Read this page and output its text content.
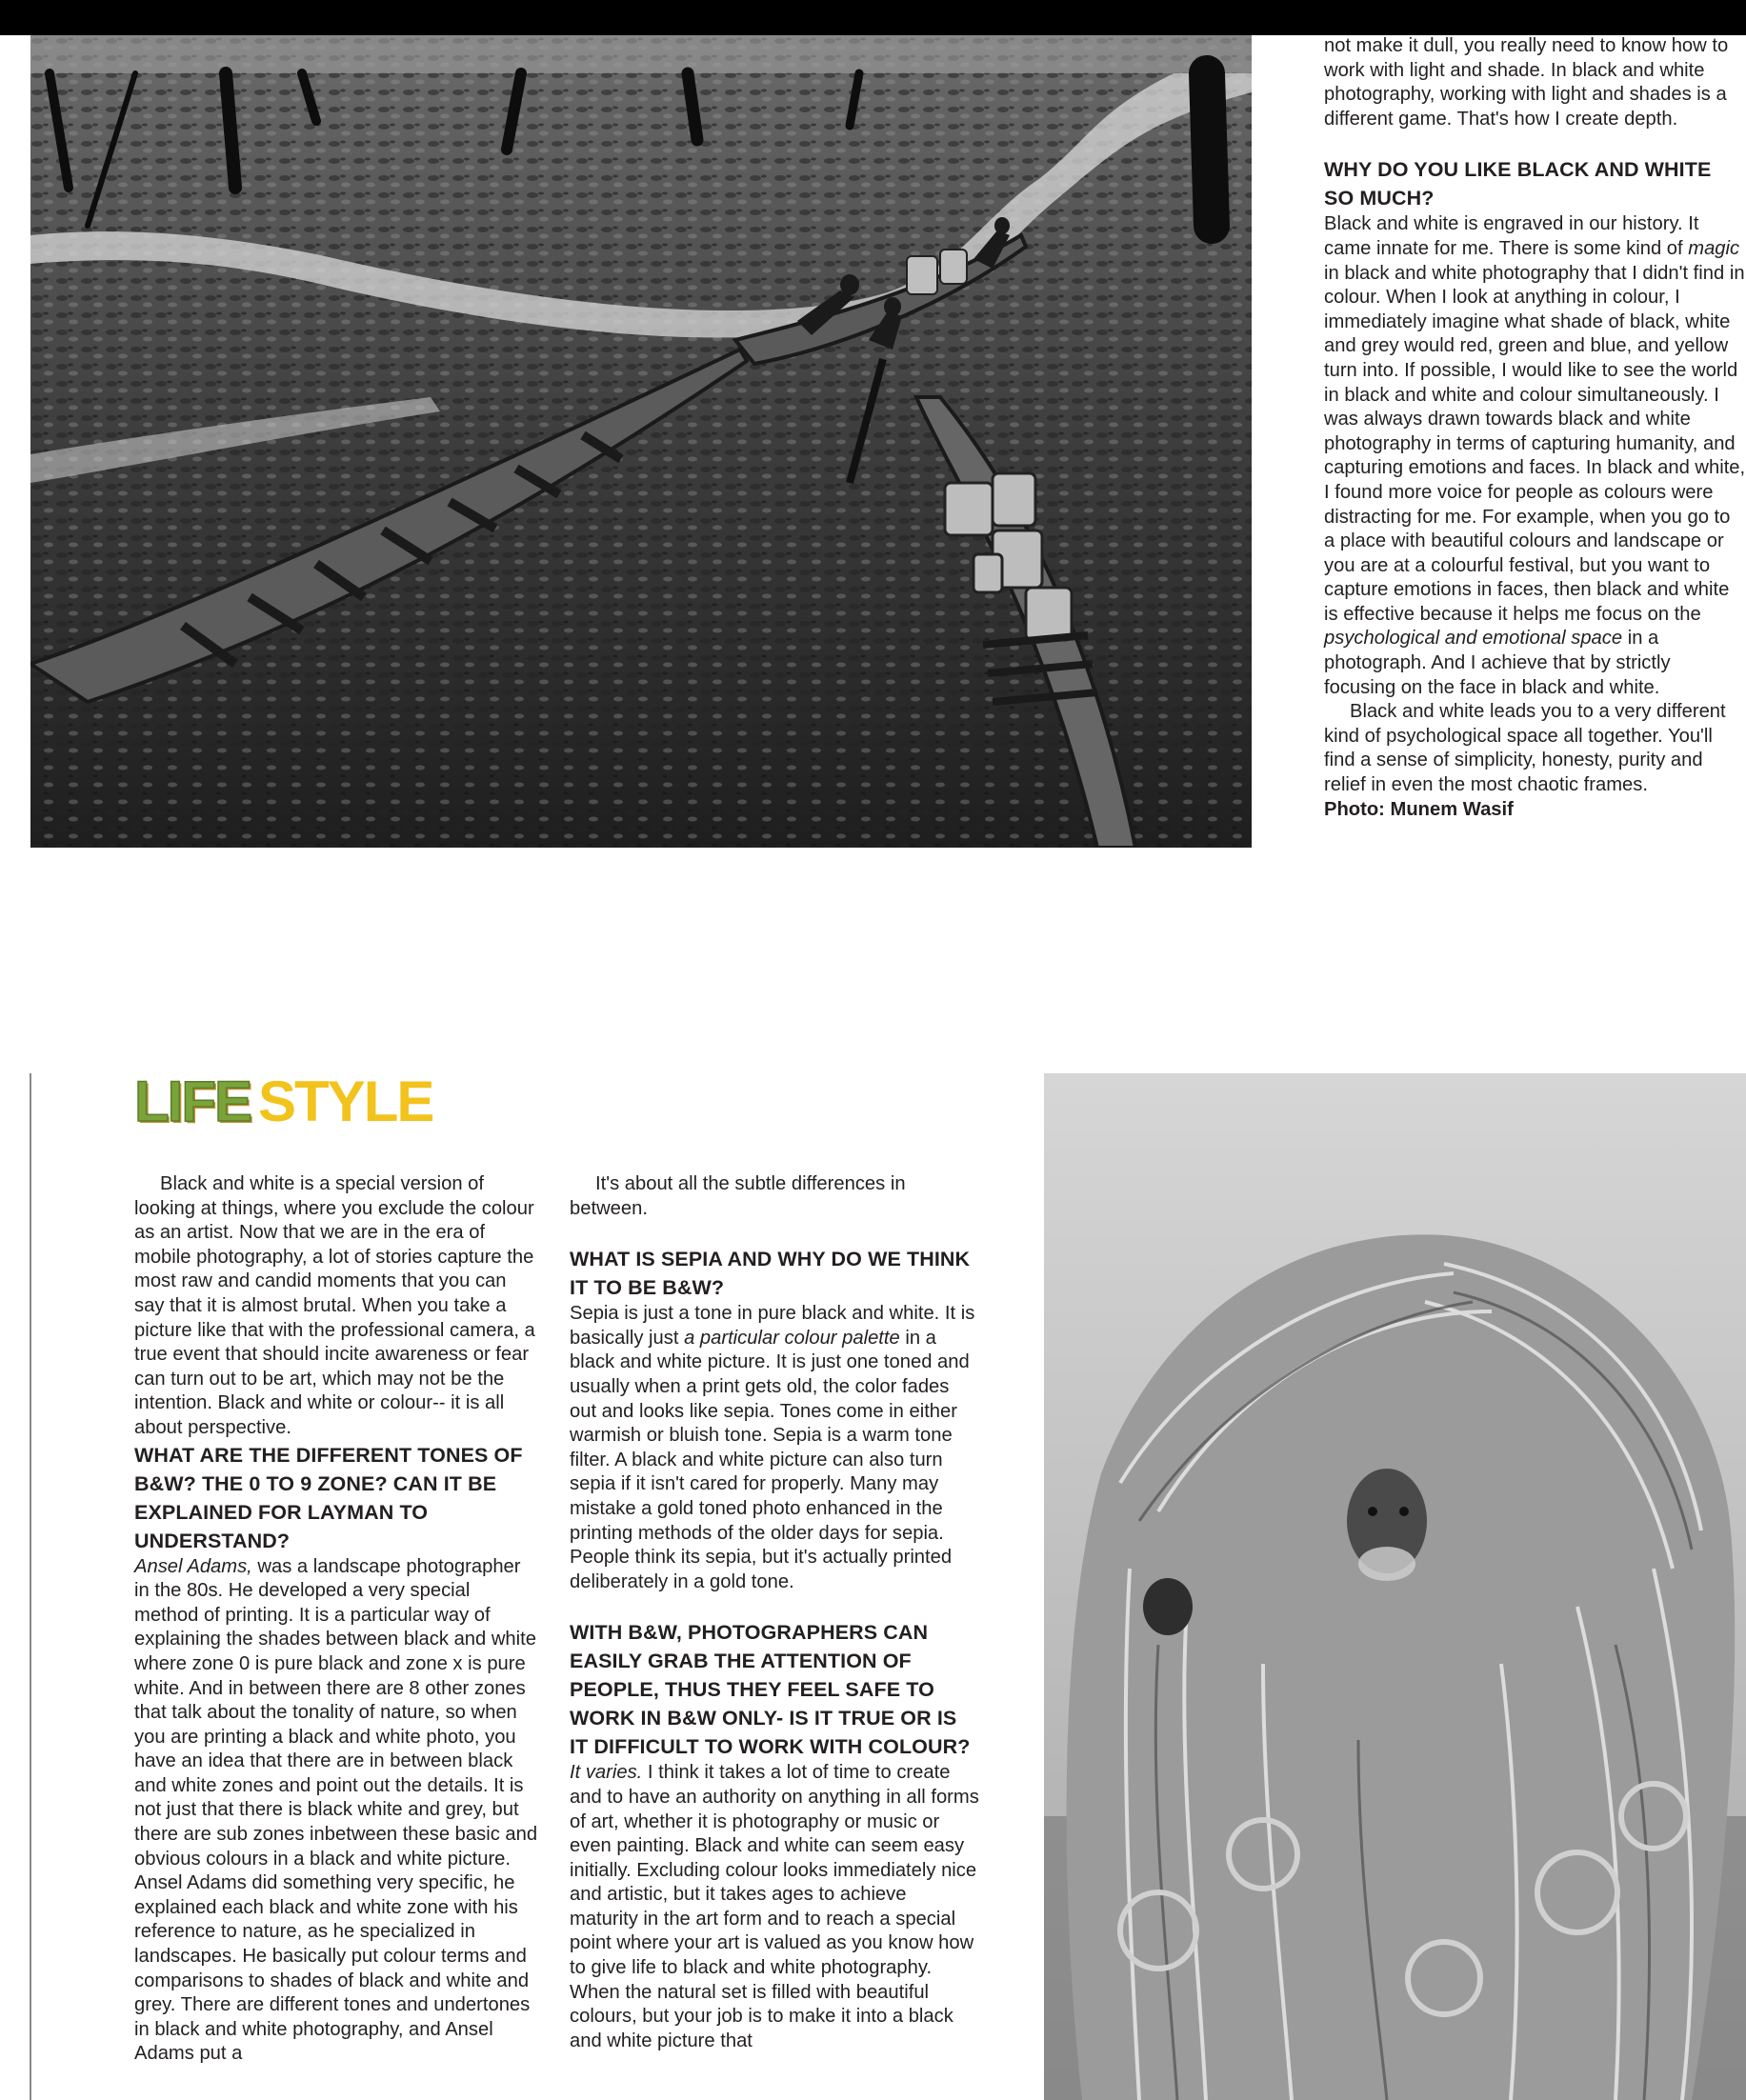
not make it dull, you really need to know how to work with light and shade. In black and white photography, working with light and shades is a different game. That's how I create depth.

WHY DO YOU LIKE BLACK AND WHITE SO MUCH?

Black and white is engraved in our history. It came innate for me. There is some kind of magic in black and white photography that I didn't find in colour. When I look at anything in colour, I immediately imagine what shade of black, white and grey would red, green and blue, and yellow turn into. If possible, I would like to see the world in black and white and colour simultaneously. I was always drawn towards black and white photography in terms of capturing humanity, and capturing emotions and faces. In black and white, I found more voice for people as colours were distracting for me. For example, when you go to a place with beautiful colours and landscape or you are at a colourful festival, but you want to capture emotions in faces, then black and white is effective because it helps me focus on the psychological and emotional space in a photograph. And I achieve that by strictly focusing on the face in black and white.

Black and white leads you to a very different kind of psychological space all together. You'll find a sense of simplicity, honesty, purity and relief in even the most chaotic frames.

Photo: Munem Wasif

LIFE STYLE

Black and white is a special version of looking at things, where you exclude the colour as an artist. Now that we are in the era of mobile photography, a lot of stories capture the most raw and candid moments that you can say that it is almost brutal. When you take a picture like that with the professional camera, a true event that should incite awareness or fear can turn out to be art, which may not be the intention. Black and white or colour-- it is all about perspective.

WHAT ARE THE DIFFERENT TONES OF B&W? THE 0 TO 9 ZONE? CAN IT BE EXPLAINED FOR LAYMAN TO UNDERSTAND?

Ansel Adams, was a landscape photographer in the 80s. He developed a very special method of printing. It is a particular way of explaining the shades between black and white where zone 0 is pure black and zone x is pure white. And in between there are 8 other zones that talk about the tonality of nature, so when you are printing a black and white photo, you have an idea that there are in between black and white zones and point out the details. It is not just that there is black white and grey, but there are sub zones inbetween these basic and obvious colours in a black and white picture. Ansel Adams did something very specific, he explained each black and white zone with his reference to nature, as he specialized in landscapes. He basically put colour terms and comparisons to shades of black and white and grey. There are different tones and undertones in black and white photography, and Ansel Adams put a

It's about all the subtle differences in between.

WHAT IS SEPIA AND WHY DO WE THINK IT TO BE B&W?

Sepia is just a tone in pure black and white. It is basically just a particular colour palette in a black and white picture. It is just one toned and usually when a print gets old, the color fades out and looks like sepia. Tones come in either warmish or bluish tone. Sepia is a warm tone filter. A black and white picture can also turn sepia if it isn't cared for properly. Many may mistake a gold toned photo enhanced in the printing methods of the older days for sepia. People think its sepia, but it's actually printed deliberately in a gold tone.

WITH B&W, PHOTOGRAPHERS CAN EASILY GRAB THE ATTENTION OF PEOPLE, THUS THEY FEEL SAFE TO WORK IN B&W ONLY- IS IT TRUE OR IS IT DIFFICULT TO WORK WITH COLOUR?

It varies. I think it takes a lot of time to create and to have an authority on anything in all forms of art, whether it is photography or music or even painting. Black and white can seem easy initially. Excluding colour looks immediately nice and artistic, but it takes ages to achieve maturity in the art form and to reach a special point where your art is valued as you know how to give life to black and white photography. When the natural set is filled with beautiful colours, but your job is to make it into a black and white picture that
